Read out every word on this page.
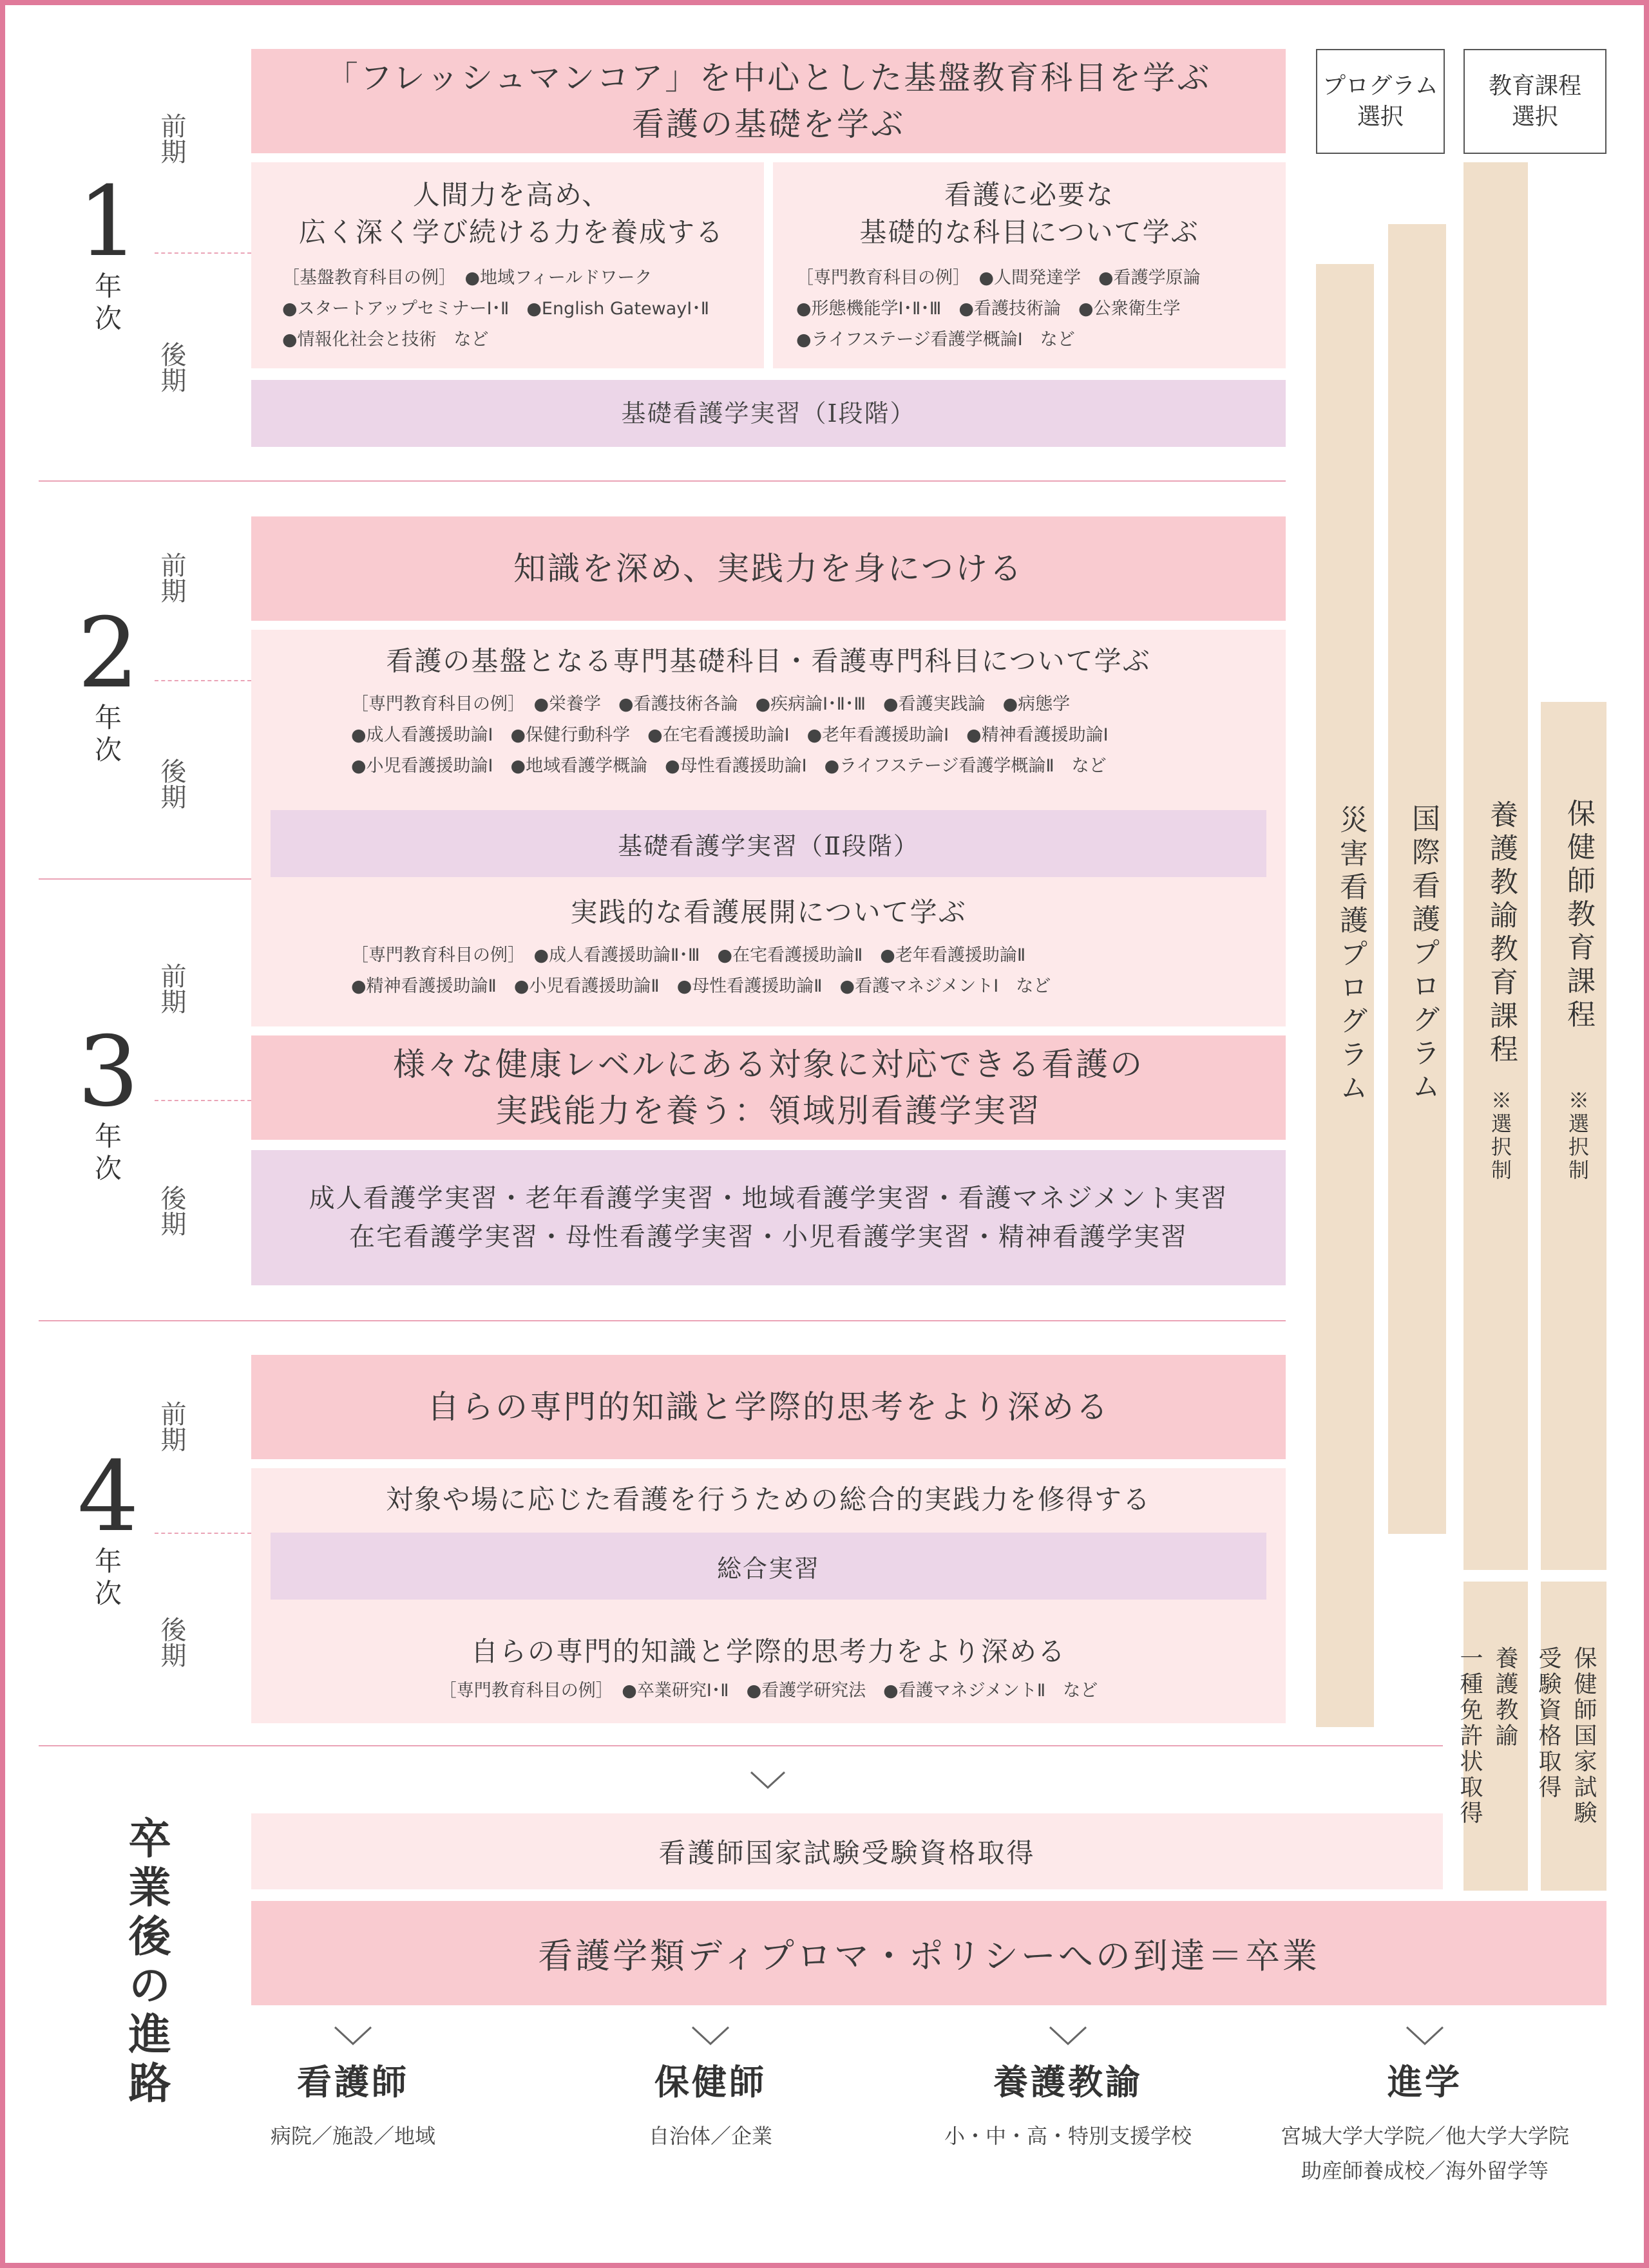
プログラム
選択
教育課程
選択
1
年次
前期
後期
「フレッシュマンコア」を中心とした基盤教育科目を学ぶ
看護の基礎を学ぶ
人間力を高め、
広く深く学び続ける力を養成する
［基盤教育科目の例］　●地域フィールドワーク
●スタートアップセミナーⅠ･Ⅱ　●English GatewayⅠ･Ⅱ
●情報化社会と技術　など
看護に必要な
基礎的な科目について学ぶ
［専門教育科目の例］　●人間発達学　●看護学原論
●形態機能学Ⅰ･Ⅱ･Ⅲ　●看護技術論　●公衆衛生学
●ライフステージ看護学概論Ⅰ　など
基礎看護学実習（Ⅰ段階）
2
年次
前期
後期
知識を深め、実践力を身につける
看護の基盤となる専門基礎科目・看護専門科目について学ぶ
［専門教育科目の例］　●栄養学　●看護技術各論　●疾病論Ⅰ･Ⅱ･Ⅲ　●看護実践論　●病態学
●成人看護援助論Ⅰ　●保健行動科学　●在宅看護援助論Ⅰ　●老年看護援助論Ⅰ　●精神看護援助論Ⅰ
●小児看護援助論Ⅰ　●地域看護学概論　●母性看護援助論Ⅰ　●ライフステージ看護学概論Ⅱ　など
基礎看護学実習（Ⅱ段階）
3
年次
前期
後期
実践的な看護展開について学ぶ
［専門教育科目の例］　●成人看護援助論Ⅱ･Ⅲ　●在宅看護援助論Ⅱ　●老年看護援助論Ⅱ
●精神看護援助論Ⅱ　●小児看護援助論Ⅱ　●母性看護援助論Ⅱ　●看護マネジメントⅠ　など
様々な健康レベルにある対象に対応できる看護の
実践能力を養う：領域別看護学実習
成人看護学実習・老年看護学実習・地域看護学実習・看護マネジメント実習
在宅看護学実習・母性看護学実習・小児看護学実習・精神看護学実習
4
年次
前期
後期
自らの専門的知識と学際的思考をより深める
対象や場に応じた看護を行うための総合的実践力を修得する
総合実習
自らの専門的知識と学際的思考力をより深める
［専門教育科目の例］　●卒業研究Ⅰ･Ⅱ　●看護学研究法　●看護マネジメントⅡ　など
災害看護プログラム 国際看護プログラム 養護教諭教育課程
※選択制
保健師教育課程
※選択制
養護教諭
一種免許状取得	保健師国家試験
受験資格取得
看護師国家試験受験資格取得
看護学類ディプロマ・ポリシーへの到達＝卒業
卒業後の進路	看護師
病院／施設／地域
保健師
自治体／企業
養護教諭
小・中・高・特別支援学校
進学
宮城大学大学院／他大学大学院
助産師養成校／海外留学等
